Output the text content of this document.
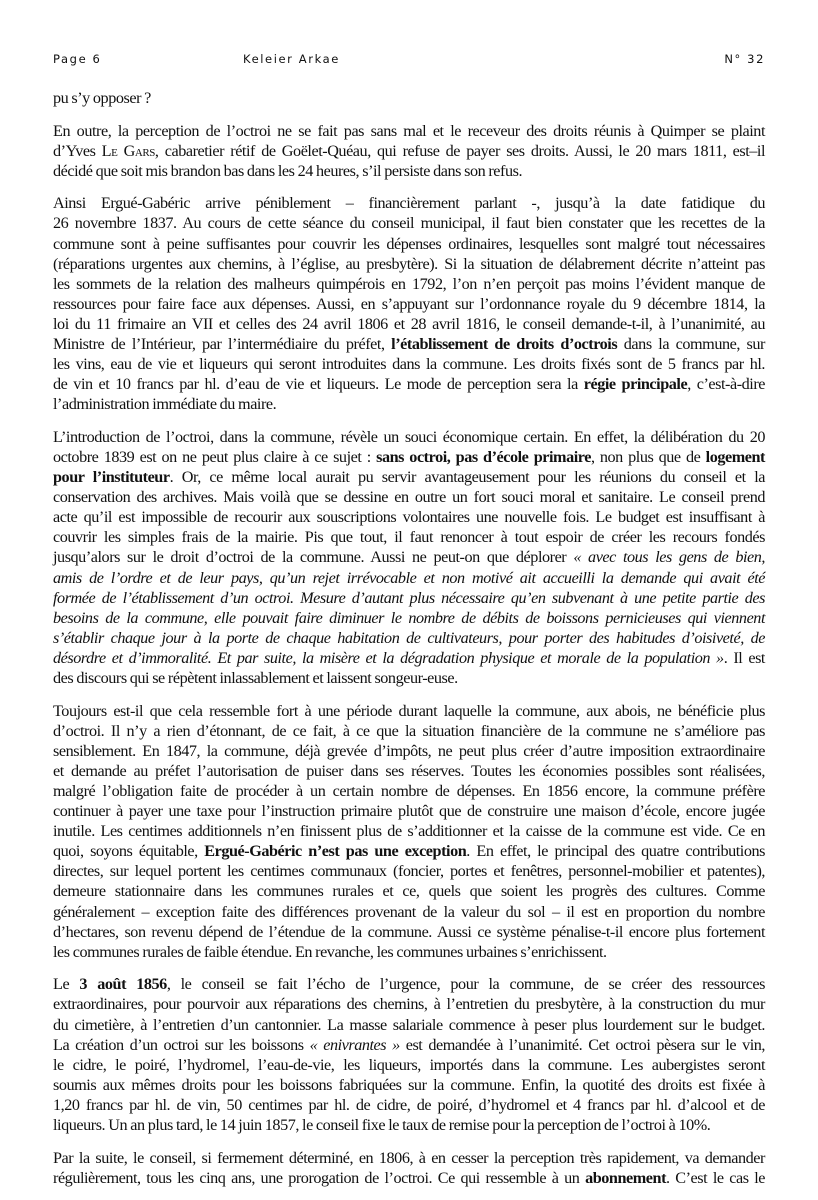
Page 6	Keleier Arkae	N° 32
pu s’y opposer ?
En outre, la perception de l’octroi ne se fait pas sans mal et le receveur des droits réunis à Quimper se plaint
d’Yves Le Gars, cabaretier rétif de Goëlet-Quéau, qui refuse de payer ses droits. Aussi, le 20 mars 1811, est–il
décidé que soit mis brandon bas dans les 24 heures, s’il persiste dans son refus.
Ainsi Ergué-Gabéric arrive péniblement – financièrement parlant -, jusqu’à la date fatidique du
26 novembre 1837. Au cours de cette séance du conseil municipal, il faut bien constater que les recettes de la
commune sont à peine suffisantes pour couvrir les dépenses ordinaires, lesquelles sont malgré tout nécessaires
(réparations urgentes aux chemins, à l’église, au presbytère). Si la situation de délabrement décrite n’atteint pas
les sommets de la relation des malheurs quimpérois en 1792, l’on n’en perçoit pas moins l’évident manque de
ressources pour faire face aux dépenses. Aussi, en s’appuyant sur l’ordonnance royale du 9 décembre 1814, la
loi du 11 frimaire an VII et celles des 24 avril 1806 et 28 avril 1816, le conseil demande-t-il, à l’unanimité, au
Ministre de l’Intérieur, par l’intermédiaire du préfet, l’établissement de droits d’octrois dans la commune, sur
les vins, eau de vie et liqueurs qui seront introduites dans la commune. Les droits fixés sont de 5 francs par hl.
de vin et 10 francs par hl. d’eau de vie et liqueurs. Le mode de perception sera la régie principale, c’est-à-dire
l’administration immédiate du maire.
L’introduction de l’octroi, dans la commune, révèle un souci économique certain. En effet, la délibération du 20
octobre 1839 est on ne peut plus claire à ce sujet : sans octroi, pas d’école primaire, non plus que de logement
pour l’instituteur. Or, ce même local aurait pu servir avantageusement pour les réunions du conseil et la
conservation des archives. Mais voilà que se dessine en outre un fort souci moral et sanitaire. Le conseil prend
acte qu’il est impossible de recourir aux souscriptions volontaires une nouvelle fois. Le budget est insuffisant à
couvrir les simples frais de la mairie. Pis que tout, il faut renoncer à tout espoir de créer les recours fondés
jusqu’alors sur le droit d’octroi de la commune. Aussi ne peut-on que déplorer « avec tous les gens de bien,
amis de l’ordre et de leur pays, qu’un rejet irrévocable et non motivé ait accueilli la demande qui avait été
formée de l’établissement d’un octroi. Mesure d’autant plus nécessaire qu’en subvenant à une petite partie des
besoins de la commune, elle pouvait faire diminuer le nombre de débits de boissons pernicieuses qui viennent
s’établir chaque jour à la porte de chaque habitation de cultivateurs, pour porter des habitudes d’oisiveté, de
désordre et d’immoralité. Et par suite, la misère et la dégradation physique et morale de la population ». Il est
des discours qui se répètent inlassablement et laissent songeur-euse.
Toujours est-il que cela ressemble fort à une période durant laquelle la commune, aux abois, ne bénéficie plus
d’octroi. Il n’y a rien d’étonnant, de ce fait, à ce que la situation financière de la commune ne s’améliore pas
sensiblement. En 1847, la commune, déjà grevée d’impôts, ne peut plus créer d’autre imposition extraordinaire
et demande au préfet l’autorisation de puiser dans ses réserves. Toutes les économies possibles sont réalisées,
malgré l’obligation faite de procéder à un certain nombre de dépenses. En 1856 encore, la commune préfère
continuer à payer une taxe pour l’instruction primaire plutôt que de construire une maison d’école, encore jugée
inutile. Les centimes additionnels n’en finissent plus de s’additionner et la caisse de la commune est vide. Ce en
quoi, soyons équitable, Ergué-Gabéric n’est pas une exception. En effet, le principal des quatre contributions
directes, sur lequel portent les centimes communaux (foncier, portes et fenêtres, personnel-mobilier et patentes),
demeure stationnaire dans les communes rurales et ce, quels que soient les progrès des cultures. Comme
généralement – exception faite des différences provenant de la valeur du sol – il est en proportion du nombre
d’hectares, son revenu dépend de l’étendue de la commune. Aussi ce système pénalise-t-il encore plus fortement
les communes rurales de faible étendue. En revanche, les communes urbaines s’enrichissent.
Le 3 août 1856, le conseil se fait l’écho de l’urgence, pour la commune, de se créer des ressources
extraordinaires, pour pourvoir aux réparations des chemins, à l’entretien du presbytère, à la construction du mur
du cimetière, à l’entretien d’un cantonnier. La masse salariale commence à peser plus lourdement sur le budget.
La création d’un octroi sur les boissons « enivrantes » est demandée à l’unanimité. Cet octroi pèsera sur le vin,
le cidre, le poiré, l’hydromel, l’eau-de-vie, les liqueurs, importés dans la commune. Les aubergistes seront
soumis aux mêmes droits pour les boissons fabriquées sur la commune. Enfin, la quotité des droits est fixée à
1,20 francs par hl. de vin, 50 centimes par hl. de cidre, de poiré, d’hydromel et 4 francs par hl. d’alcool et de
liqueurs. Un an plus tard, le 14 juin 1857, le conseil fixe le taux de remise pour la perception de l’octroi à 10%.
Par la suite, le conseil, si fermement déterminé, en 1806, à en cesser la perception très rapidement, va demander
régulièrement, tous les cinq ans, une prorogation de l’octroi. Ce qui ressemble à un abonnement. C’est le cas le
